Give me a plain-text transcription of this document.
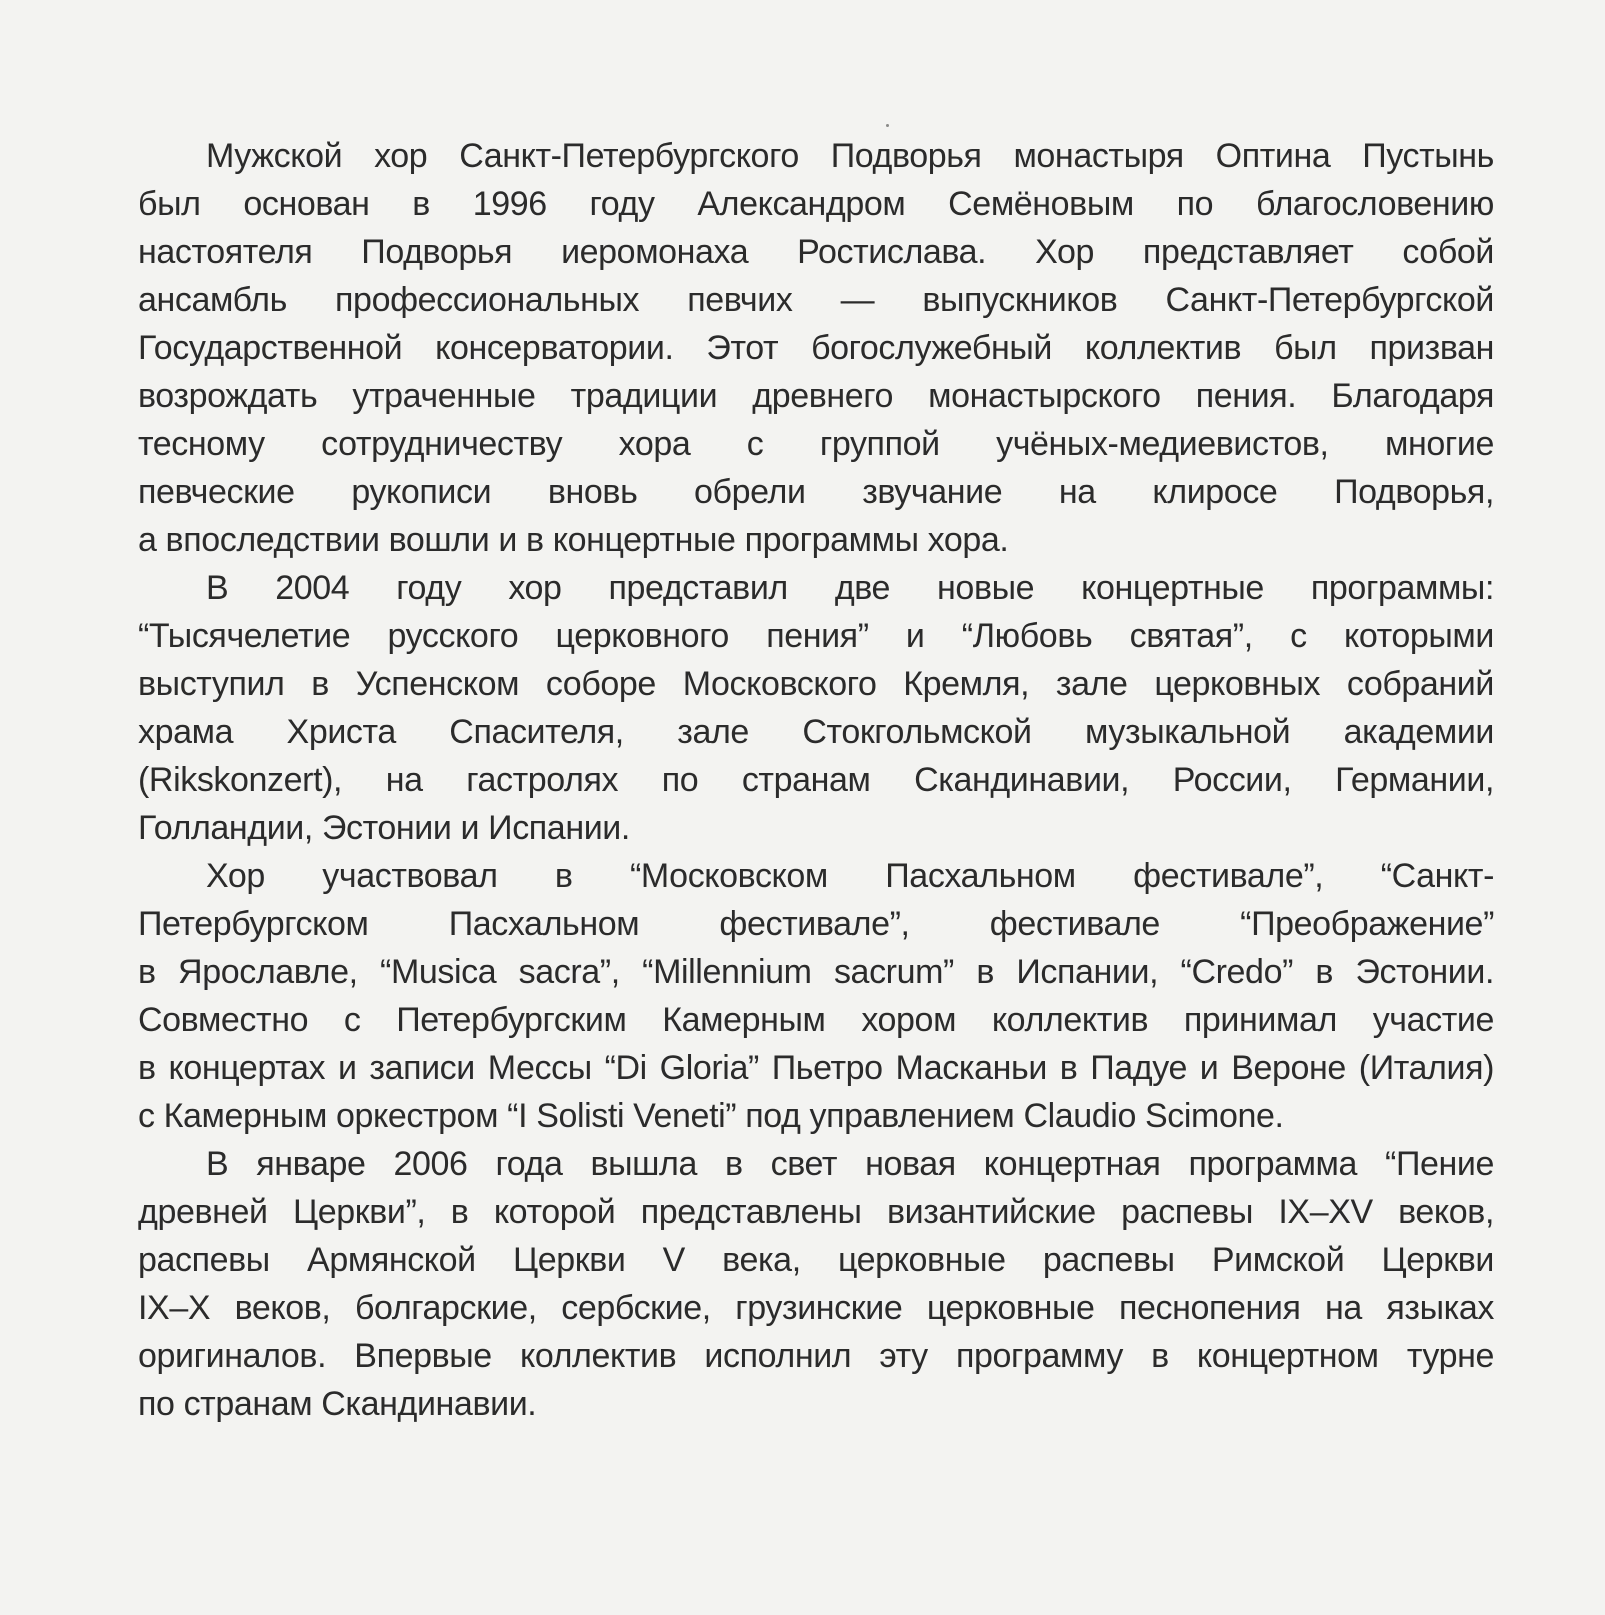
Мужской хор Санкт-Петербургского Подворья монастыря Оптина Пустынь
был основан в 1996 году Александром Семёновым по благословению
настоятеля Подворья иеромонаха Ростислава. Хор представляет собой
ансамбль профессиональных певчих — выпускников Санкт-Петербургской
Государственной консерватории. Этот богослужебный коллектив был призван
возрождать утраченные традиции древнего монастырского пения. Благодаря
тесному сотрудничеству хора с группой учёных-медиевистов, многие
певческие рукописи вновь обрели звучание на клиросе Подворья,
а впоследствии вошли и в концертные программы хора.
В 2004 году хор представил две новые концертные программы:
“Тысячелетие русского церковного пения” и “Любовь святая”, с которыми
выступил в Успенском соборе Московского Кремля, зале церковных собраний
храма Христа Спасителя, зале Стокгольмской музыкальной академии
(Rikskonzert), на гастролях по странам Скандинавии, России, Германии,
Голландии, Эстонии и Испании.
Хор участвовал в “Московском Пасхальном фестивале”, “Санкт-
Петербургском Пасхальном фестивале”, фестивале “Преображение”
в Ярославле, “Musica sacra”, “Millennium sacrum” в Испании, “Credo” в Эстонии.
Совместно с Петербургским Камерным хором коллектив принимал участие
в концертах и записи Мессы “Di Gloria” Пьетро Масканьи в Падуе и Вероне (Италия)
с Камерным оркестром “I Solisti Veneti” под управлением Claudio Scimone.
В январе 2006 года вышла в свет новая концертная программа “Пение
древней Церкви”, в которой представлены византийские распевы IX–XV веков,
распевы Армянской Церкви V века, церковные распевы Римской Церкви
IX–X веков, болгарские, сербские, грузинские церковные песнопения на языках
оригиналов. Впервые коллектив исполнил эту программу в концертном турне
по странам Скандинавии.
